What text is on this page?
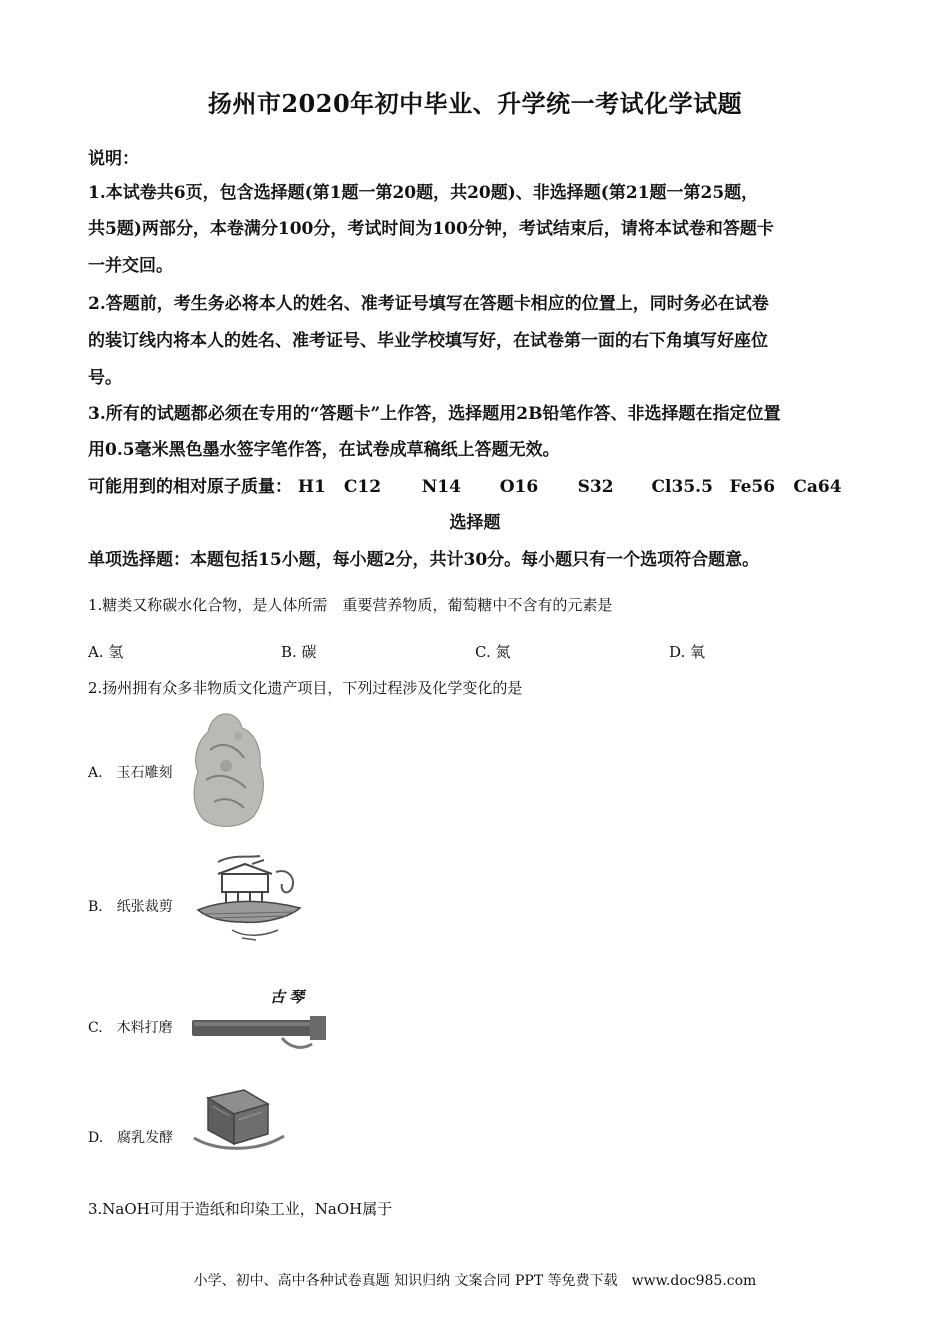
扬州市2020年初中毕业、升学统一考试化学试题
说明：
1.本试卷共6页，包含选择题(第1题一第20题，共20题)、非选择题(第21题一第25题，
共5题)两部分，本卷满分100分，考试时间为100分钟，考试结束后，请将本试卷和答题卡
一并交回。
2.答题前，考生务必将本人的姓名、准考证号填写在答题卡相应的位置上，同时务必在试卷
的装订线内将本人的姓名、准考证号、毕业学校填写好，在试卷第一面的右下角填写好座位
号。
3.所有的试题都必须在专用的“答题卡”上作答，选择题用2B铅笔作答、非选择题在指定位置
用0.5毫米黑色墨水签字笔作答，在试卷成草稿纸上答题无效。
可能用到的相对原子质量： H1 C12 N14 O16 S32 Cl35.5 Fe56 Ca64
选择题
单项选择题：本题包括15小题，每小题2分，共计30分。每小题只有一个选项符合题意。
1.糖类又称碳水化合物，是人体所需　重要营养物质，葡萄糖中不含有的元素是
A. 氢	B. 碳	C. 氮	D. 氧
2.扬州拥有众多非物质文化遗产项目，下列过程涉及化学变化的是
A.　玉石雕刻
B.　纸张裁剪
C.　木料打磨
古琴
D.　腐乳发酵
3.NaOH可用于造纸和印染工业，NaOH属于
小学、初中、高中各种试卷真题 知识归纳 文案合同 PPT 等免费下载　www.doc985.com
